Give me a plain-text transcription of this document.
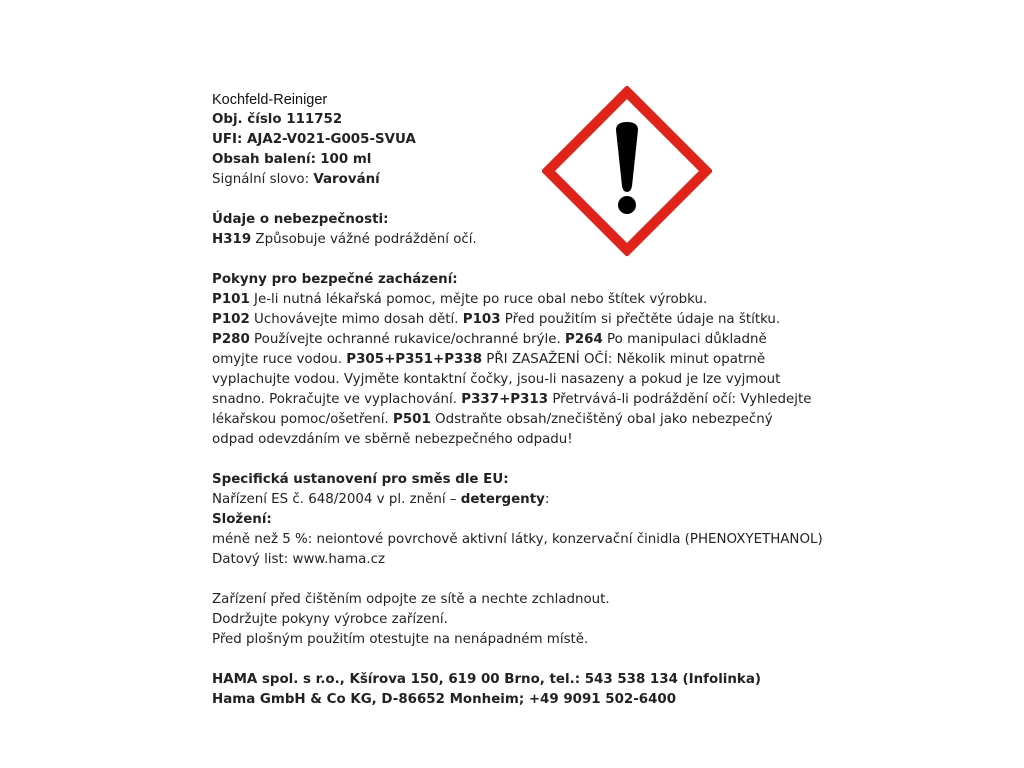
Kochfeld-Reiniger
Obj. číslo 111752
UFI: AJA2-V021-G005-SVUA
Obsah balení: 100 ml
Signální slovo: Varování
Údaje o nebezpečnosti:
H319 Způsobuje vážné podráždění očí.
Pokyny pro bezpečné zacházení:
P101 Je-li nutná lékařská pomoc, mějte po ruce obal nebo štítek výrobku.
P102 Uchovávejte mimo dosah dětí. P103 Před použitím si přečtěte údaje na štítku.
P280 Používejte ochranné rukavice/ochranné brýle. P264 Po manipulaci důkladně
omyjte ruce vodou. P305+P351+P338 PŘI ZASAŽENÍ OČÍ: Několik minut opatrně
vyplachujte vodou. Vyjměte kontaktní čočky, jsou-li nasazeny a pokud je lze vyjmout
snadno. Pokračujte ve vyplachování. P337+P313 Přetrvává-li podráždění očí: Vyhledejte
lékařskou pomoc/ošetření. P501 Odstraňte obsah/znečištěný obal jako nebezpečný
odpad odevzdáním ve sběrně nebezpečného odpadu!
Specifická ustanovení pro směs dle EU:
Nařízení ES č. 648/2004 v pl. znění – detergenty:
Složení:
méně než 5 %: neiontové povrchově aktivní látky, konzervační činidla (PHENOXYETHANOL)
Datový list: www.hama.cz
Zařízení před čištěním odpojte ze sítě a nechte zchladnout.
Dodržujte pokyny výrobce zařízení.
Před plošným použitím otestujte na nenápadném místě.
HAMA spol. s r.o., Kšírova 150, 619 00 Brno, tel.: 543 538 134 (Infolinka)
Hama GmbH & Co KG, D-86652 Monheim; +49 9091 502-6400
